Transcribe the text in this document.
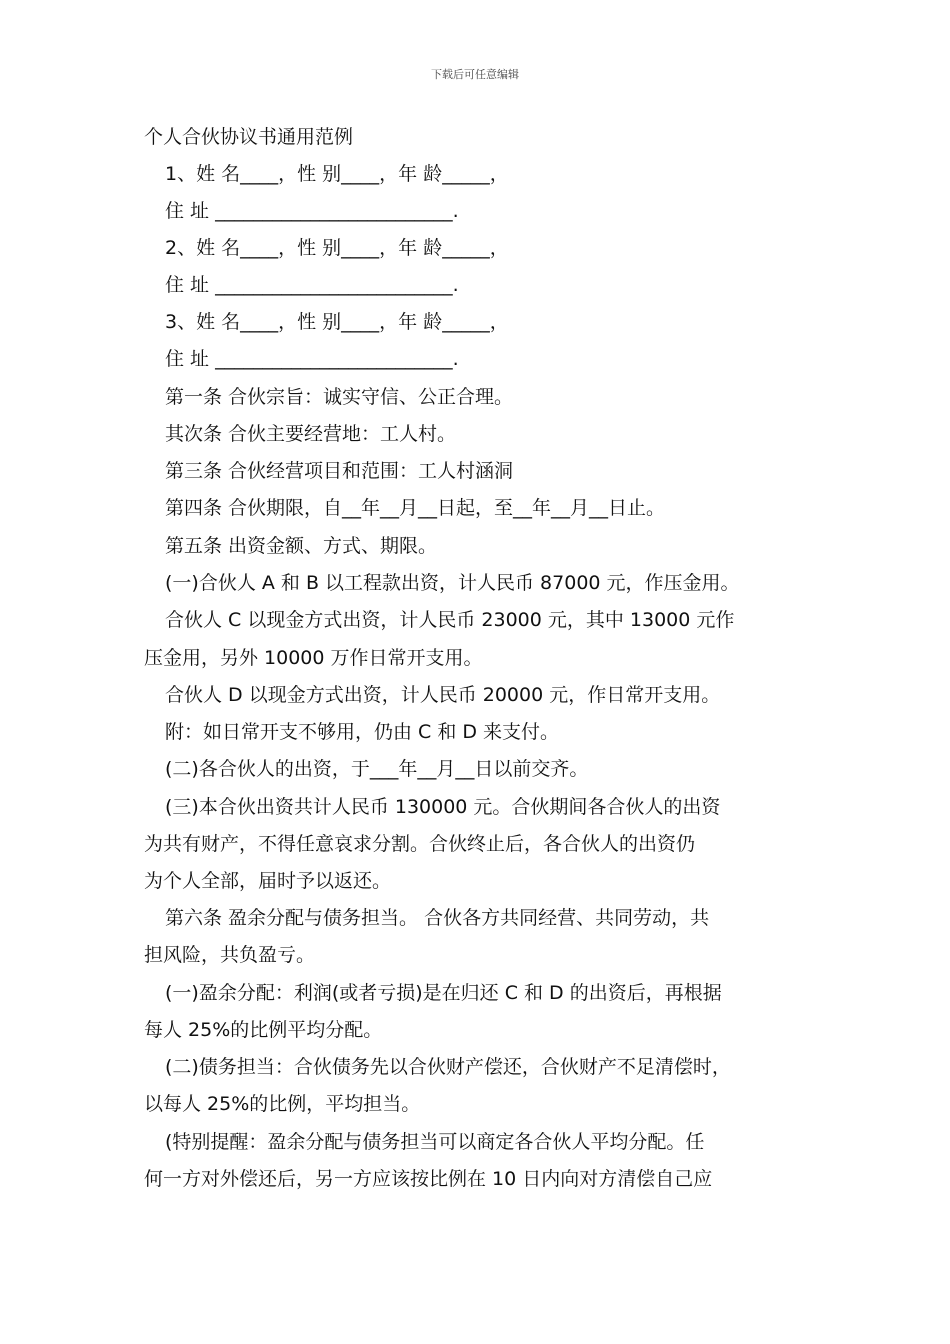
下载后可任意编辑
个人合伙协议书通用范例
1、姓 名____，性 别____，年 龄_____，
住 址 _________________________.
2、姓 名____，性 别____，年 龄_____，
住 址 _________________________.
3、姓 名____，性 别____，年 龄_____，
住 址 _________________________.
第一条 合伙宗旨：诚实守信、公正合理。
其次条 合伙主要经营地：工人村。
第三条 合伙经营项目和范围：工人村涵洞
第四条 合伙期限，自__年__月__日起，至__年__月__日止。
第五条 出资金额、方式、期限。
(一)合伙人 A 和 B 以工程款出资，计人民币 87000 元，作压金用。
合伙人 C 以现金方式出资，计人民币 23000 元，其中 13000 元作
压金用，另外 10000 万作日常开支用。
合伙人 D 以现金方式出资，计人民币 20000 元，作日常开支用。
附：如日常开支不够用，仍由 C 和 D 来支付。
(二)各合伙人的出资，于___年__月__日以前交齐。
(三)本合伙出资共计人民币 130000 元。合伙期间各合伙人的出资
为共有财产，不得任意哀求分割。合伙终止后，各合伙人的出资仍
为个人全部，届时予以返还。
第六条 盈余分配与债务担当。 合伙各方共同经营、共同劳动，共
担风险，共负盈亏。
(一)盈余分配：利润(或者亏损)是在归还 C 和 D 的出资后，再根据
每人 25%的比例平均分配。
(二)债务担当：合伙债务先以合伙财产偿还，合伙财产不足清偿时，
以每人 25%的比例，平均担当。
(特别提醒：盈余分配与债务担当可以商定各合伙人平均分配。任
何一方对外偿还后，另一方应该按比例在 10 日内向对方清偿自己应
